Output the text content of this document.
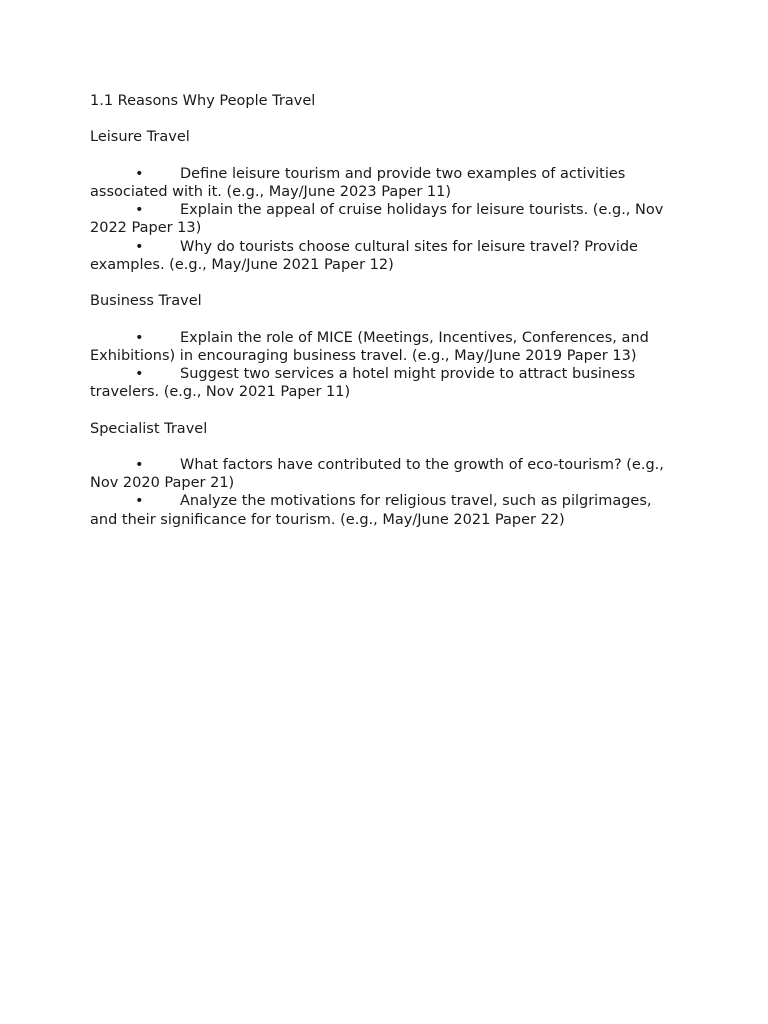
1.1 Reasons Why People Travel

Leisure Travel

•	Define leisure tourism and provide two examples of activities associated with it. (e.g., May/June 2023 Paper 11)

•	Explain the appeal of cruise holidays for leisure tourists. (e.g., Nov 2022 Paper 13)

•	Why do tourists choose cultural sites for leisure travel? Provide examples. (e.g., May/June 2021 Paper 12)

Business Travel

•	Explain the role of MICE (Meetings, Incentives, Conferences, and Exhibitions) in encouraging business travel. (e.g., May/June 2019 Paper 13)

•	Suggest two services a hotel might provide to attract business travelers. (e.g., Nov 2021 Paper 11)

Specialist Travel

•	What factors have contributed to the growth of eco-tourism? (e.g., Nov 2020 Paper 21)

•	Analyze the motivations for religious travel, such as pilgrimages, and their significance for tourism. (e.g., May/June 2021 Paper 22)
